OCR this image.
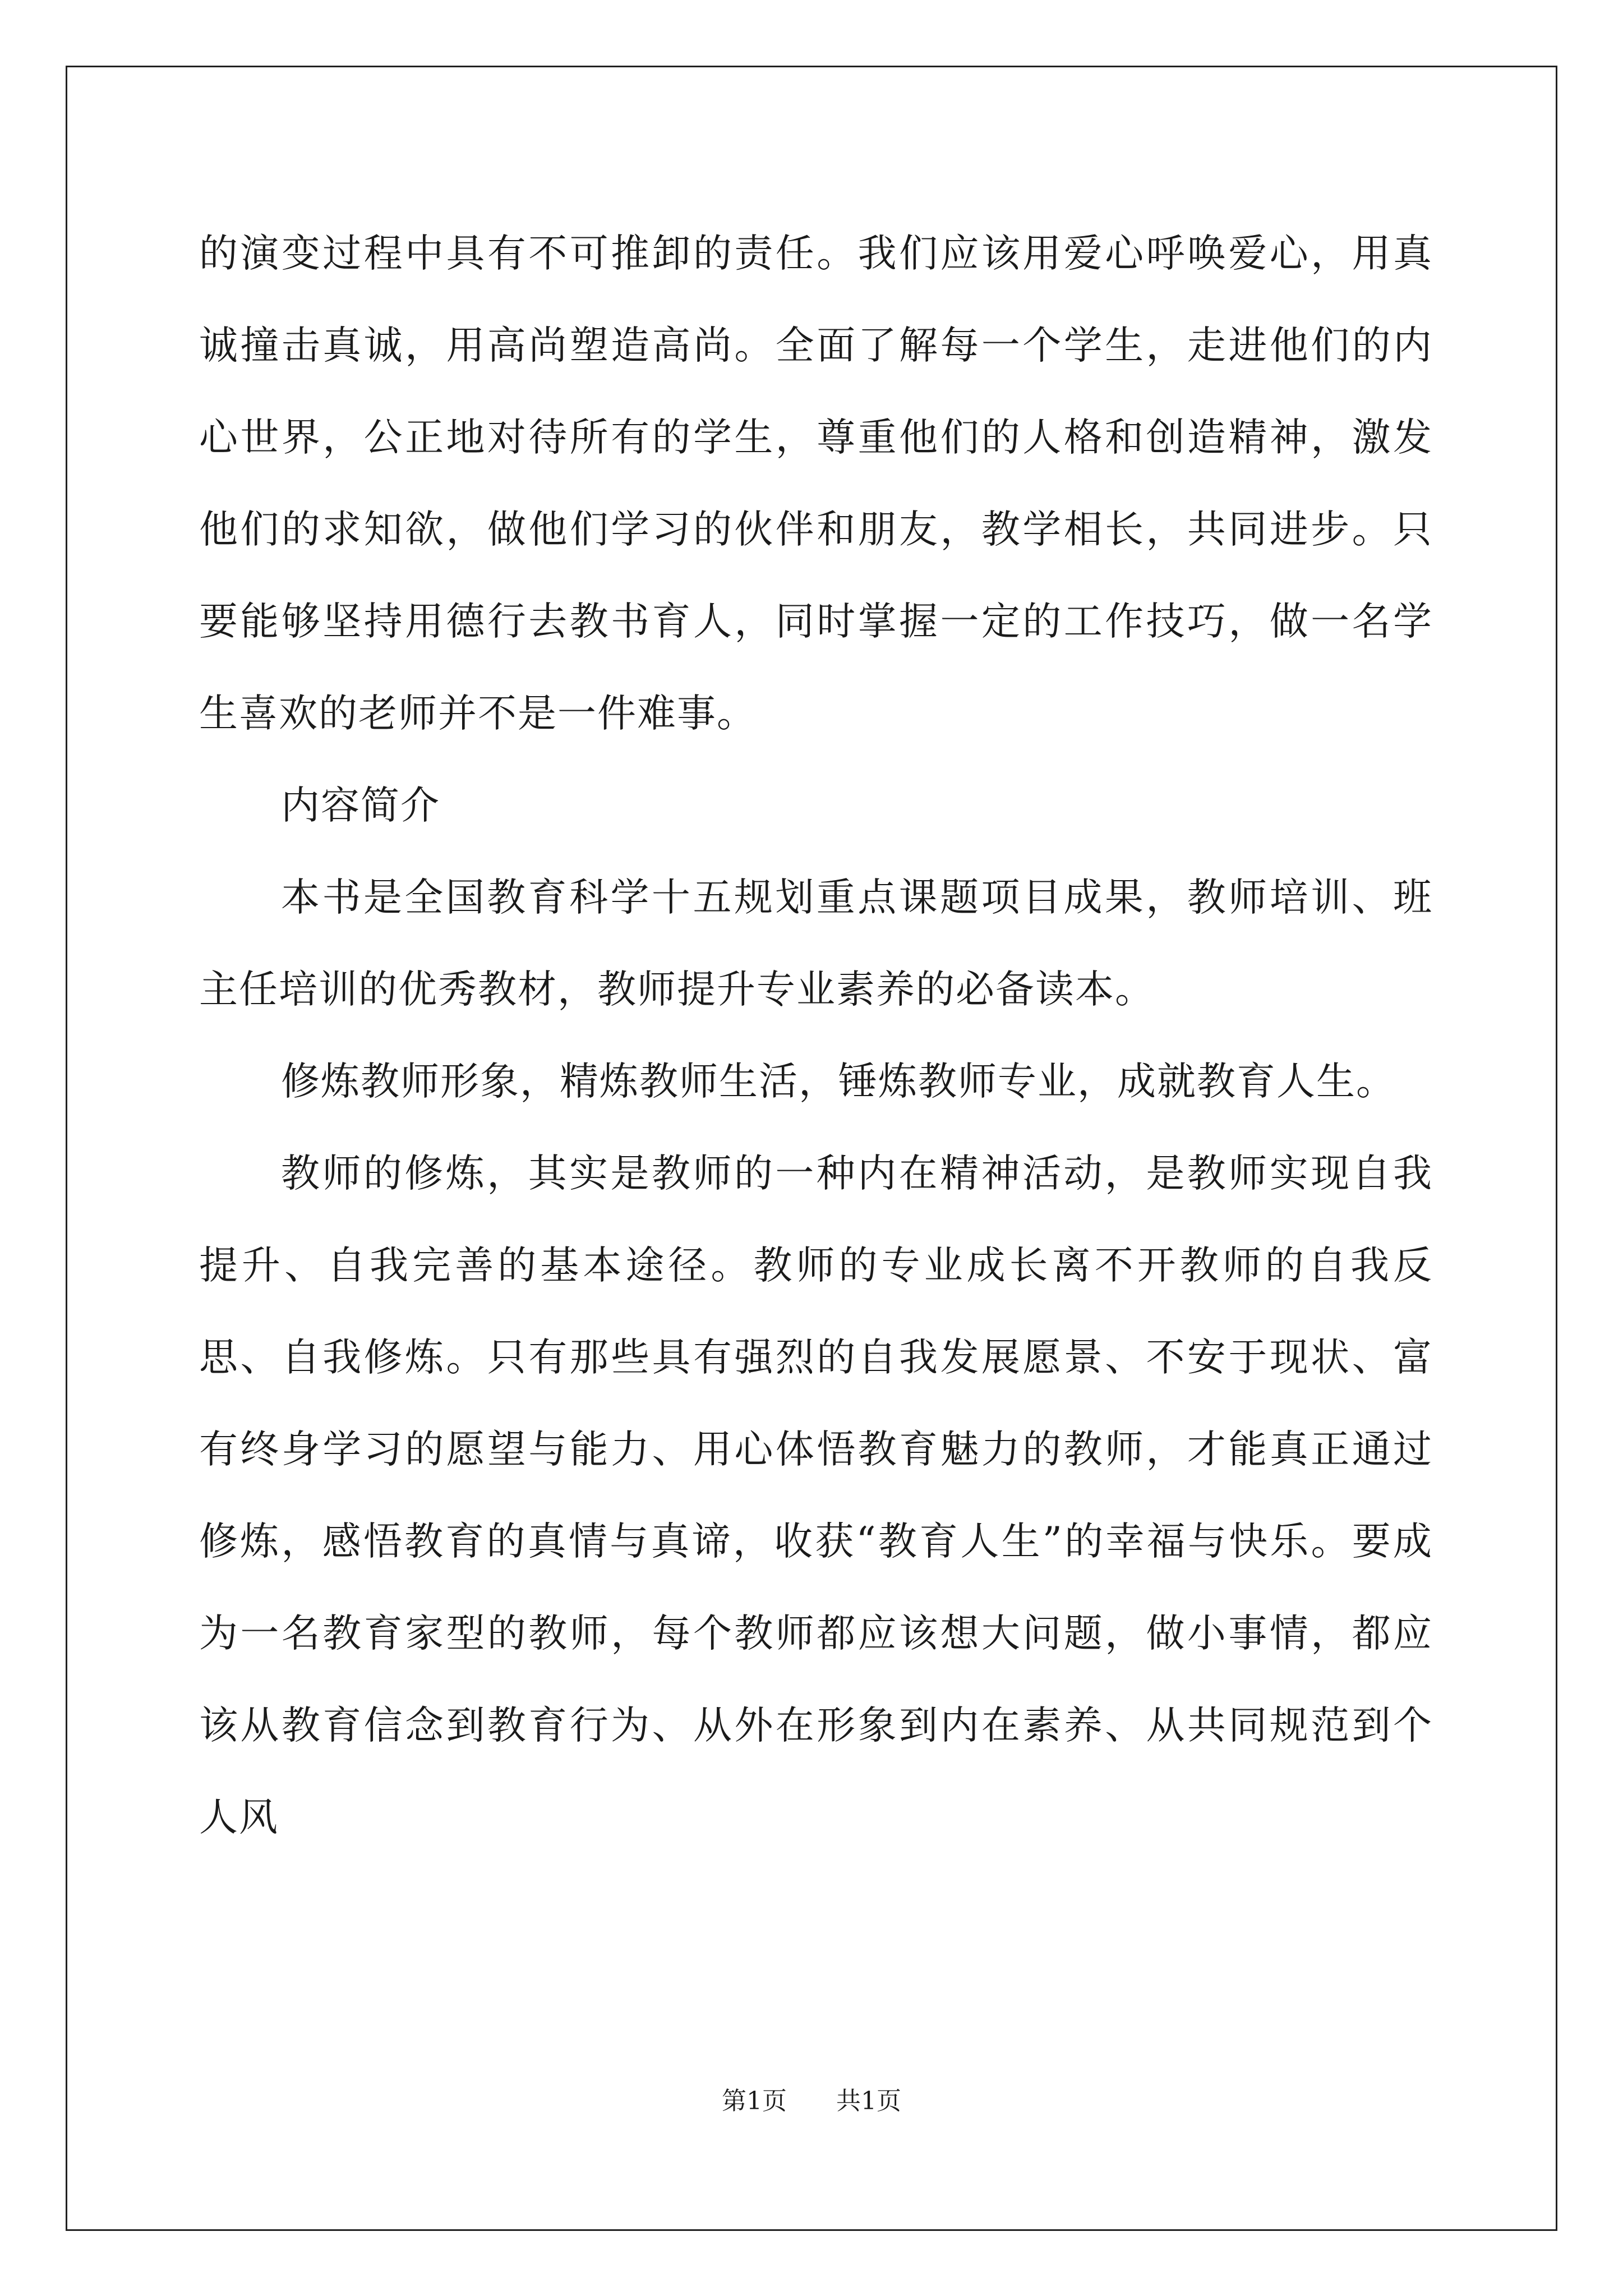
的演变过程中具有不可推卸的责任。我们应该用爱心呼唤爱心，用真诚撞击真诚，用高尚塑造高尚。全面了解每一个学生，走进他们的内心世界，公正地对待所有的学生，尊重他们的人格和创造精神，激发他们的求知欲，做他们学习的伙伴和朋友，教学相长，共同进步。只要能够坚持用德行去教书育人，同时掌握一定的工作技巧，做一名学生喜欢的老师并不是一件难事。

内容简介

本书是全国教育科学十五规划重点课题项目成果，教师培训、班主任培训的优秀教材，教师提升专业素养的必备读本。

修炼教师形象，精炼教师生活，锤炼教师专业，成就教育人生。

教师的修炼，其实是教师的一种内在精神活动，是教师实现自我提升、自我完善的基本途径。教师的专业成长离不开教师的自我反思、自我修炼。只有那些具有强烈的自我发展愿景、不安于现状、富有终身学习的愿望与能力、用心体悟教育魅力的教师，才能真正通过修炼，感悟教育的真情与真谛，收获“教育人生”的幸福与快乐。要成为一名教育家型的教师，每个教师都应该想大问题，做小事情，都应该从教育信念到教育行为、从外在形象到内在素养、从共同规范到个人风

第1页 共1页
